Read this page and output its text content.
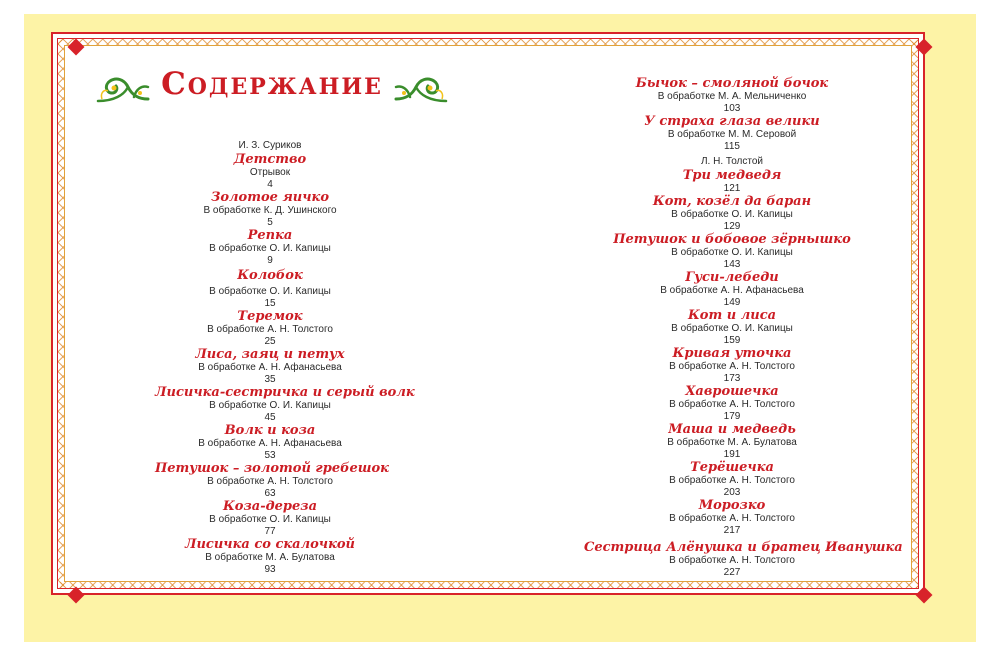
Содержание
И. З. Суриков
Детство
Отрывок
4
Золотое яичко
В обработке К. Д. Ушинского
5
Репка
В обработке О. И. Капицы
9
Колобок
В обработке О. И. Капицы
15
Теремок
В обработке А. Н. Толстого
25
Лиса, заяц и петух
В обработке А. Н. Афанасьева
35
Лисичка-сестричка и серый волк
В обработке О. И. Капицы
45
Волк и коза
В обработке А. Н. Афанасьева
53
Петушок – золотой гребешок
В обработке А. Н. Толстого
63
Коза-дереза
В обработке О. И. Капицы
77
Лисичка со скалочкой
В обработке М. А. Булатова
93
Бычок – смоляной бочок
В обработке М. А. Мельниченко
103
У страха глаза велики
В обработке М. М. Серовой
115
Л. Н. Толстой
Три медведя
121
Кот, козёл да баран
В обработке О. И. Капицы
129
Петушок и бобовое зёрнышко
В обработке О. И. Капицы
143
Гуси-лебеди
В обработке А. Н. Афанасьева
149
Кот и лиса
В обработке О. И. Капицы
159
Кривая уточка
В обработке А. Н. Толстого
173
Хаврошечка
В обработке А. Н. Толстого
179
Маша и медведь
В обработке М. А. Булатова
191
Терёшечка
В обработке А. Н. Толстого
203
Морозко
В обработке А. Н. Толстого
217
Сестрица Алёнушка и братец Иванушка
В обработке А. Н. Толстого
227
